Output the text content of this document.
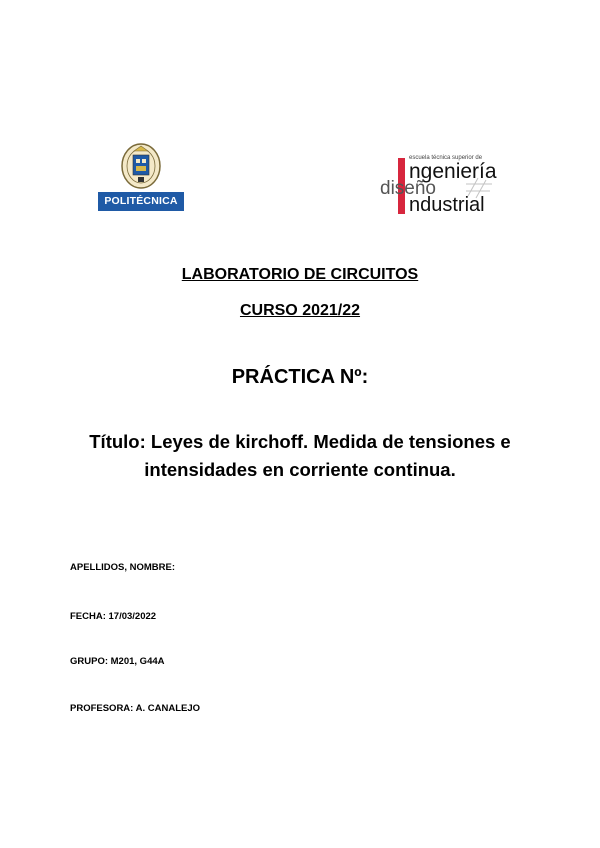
POLITÉCNICA
escuela técnica superior de
ngeniería
diseño
ndustrial
LABORATORIO DE CIRCUITOS
CURSO 2021/22
PRÁCTICA Nº:
Título: Leyes de kirchoff. Medida de tensiones e
intensidades en corriente continua.
APELLIDOS, NOMBRE:
FECHA: 17/03/2022
GRUPO: M201, G44A
PROFESORA: A. CANALEJO
